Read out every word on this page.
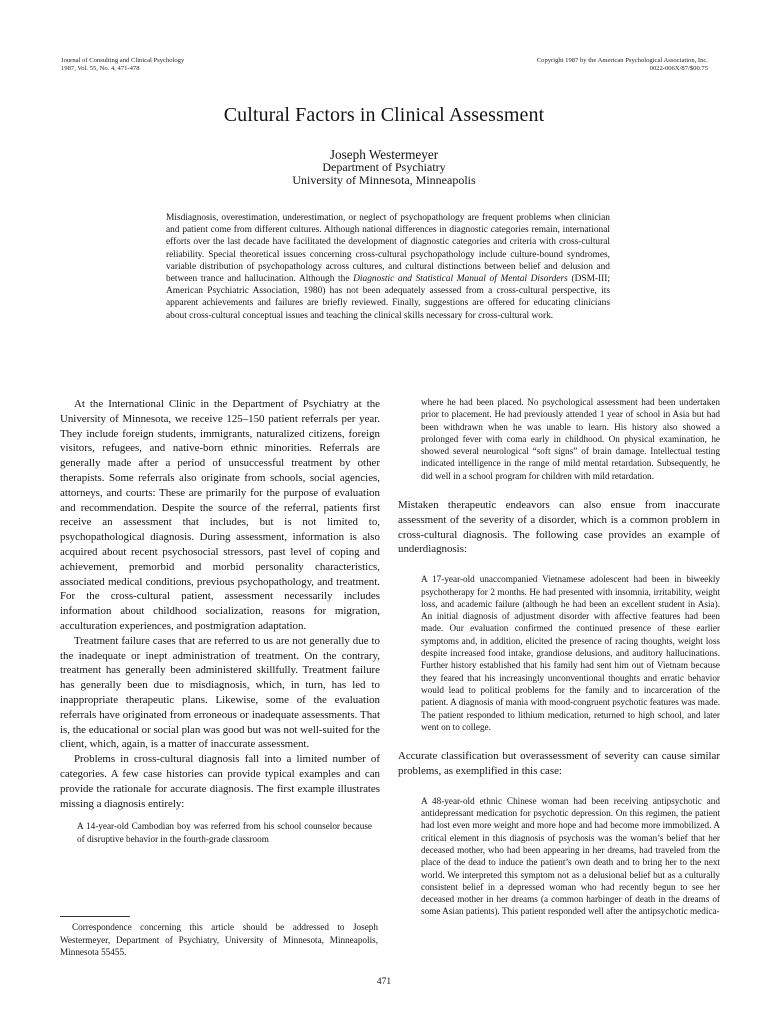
Journal of Consulting and Clinical Psychology
1987, Vol. 55, No. 4, 471-478
Copyright 1987 by the American Psychological Association, Inc.
0022-006X/87/$00.75
Cultural Factors in Clinical Assessment
Joseph Westermeyer
Department of Psychiatry
University of Minnesota, Minneapolis
Misdiagnosis, overestimation, underestimation, or neglect of psychopathology are frequent problems when clinician and patient come from different cultures. Although national differences in diagnostic categories remain, international efforts over the last decade have facilitated the development of diagnostic categories and criteria with cross-cultural reliability. Special theoretical issues concerning cross-cultural psychopathology include culture-bound syndromes, variable distribution of psychopathology across cultures, and cultural distinctions between belief and delusion and between trance and hallucination. Although the Diagnostic and Statistical Manual of Mental Disorders (DSM-III; American Psychiatric Association, 1980) has not been adequately assessed from a cross-cultural perspective, its apparent achievements and failures are briefly reviewed. Finally, suggestions are offered for educating clinicians about cross-cultural conceptual issues and teaching the clinical skills necessary for cross-cultural work.

At the International Clinic in the Department of Psychiatry at the University of Minnesota, we receive 125–150 patient referrals per year. They include foreign students, immigrants, naturalized citizens, foreign visitors, refugees, and native-born ethnic minorities. Referrals are generally made after a period of unsuccessful treatment by other therapists. Some referrals also originate from schools, social agencies, attorneys, and courts: These are primarily for the purpose of evaluation and recommendation. Despite the source of the referral, patients first receive an assessment that includes, but is not limited to, psychopathological diagnosis. During assessment, information is also acquired about recent psychosocial stressors, past level of coping and achievement, premorbid and morbid personality characteristics, associated medical conditions, previous psychopathology, and treatment. For the cross-cultural patient, assessment necessarily includes information about childhood socialization, reasons for migration, acculturation experiences, and postmigration adaptation.

Treatment failure cases that are referred to us are not generally due to the inadequate or inept administration of treatment. On the contrary, treatment has generally been administered skillfully. Treatment failure has generally been due to misdiagnosis, which, in turn, has led to inappropriate therapeutic plans. Likewise, some of the evaluation referrals have originated from erroneous or inadequate assessments. That is, the educational or social plan was good but was not well-suited for the client, which, again, is a matter of inaccurate assessment.

Problems in cross-cultural diagnosis fall into a limited number of categories. A few case histories can provide typical examples and can provide the rationale for accurate diagnosis. The first example illustrates missing a diagnosis entirely:

A 14-year-old Cambodian boy was referred from his school counselor because of disruptive behavior in the fourth-grade classroom

where he had been placed. No psychological assessment had been undertaken prior to placement. He had previously attended 1 year of school in Asia but had been withdrawn when he was unable to learn. His history also showed a prolonged fever with coma early in childhood. On physical examination, he showed several neurological “soft signs” of brain damage. Intellectual testing indicated intelligence in the range of mild mental retardation. Subsequently, he did well in a school program for children with mild retardation.

Mistaken therapeutic endeavors can also ensue from inaccurate assessment of the severity of a disorder, which is a common problem in cross-cultural diagnosis. The following case provides an example of underdiagnosis:

A 17-year-old unaccompanied Vietnamese adolescent had been in biweekly psychotherapy for 2 months. He had presented with insomnia, irritability, weight loss, and academic failure (although he had been an excellent student in Asia). An initial diagnosis of adjustment disorder with affective features had been made. Our evaluation confirmed the continued presence of these earlier symptoms and, in addition, elicited the presence of racing thoughts, weight loss despite increased food intake, grandiose delusions, and auditory hallucinations. Further history established that his family had sent him out of Vietnam because they feared that his increasingly unconventional thoughts and erratic behavior would lead to political problems for the family and to incarceration of the patient. A diagnosis of mania with mood-congruent psychotic features was made. The patient responded to lithium medication, returned to high school, and later went on to college.

Accurate classification but overassessment of severity can cause similar problems, as exemplified in this case:

A 48-year-old ethnic Chinese woman had been receiving antipsychotic and antidepressant medication for psychotic depression. On this regimen, the patient had lost even more weight and more hope and had become more immobilized. A critical element in this diagnosis of psychosis was the woman’s belief that her deceased mother, who had been appearing in her dreams, had traveled from the place of the dead to induce the patient’s own death and to bring her to the next world. We interpreted this symptom not as a delusional belief but as a culturally consistent belief in a depressed woman who had recently begun to see her deceased mother in her dreams (a common harbinger of death in the dreams of some Asian patients). This patient responded well after the antipsychotic medica-

Correspondence concerning this article should be addressed to Joseph Westermeyer, Department of Psychiatry, University of Minnesota, Minneapolis, Minnesota 55455.
471
